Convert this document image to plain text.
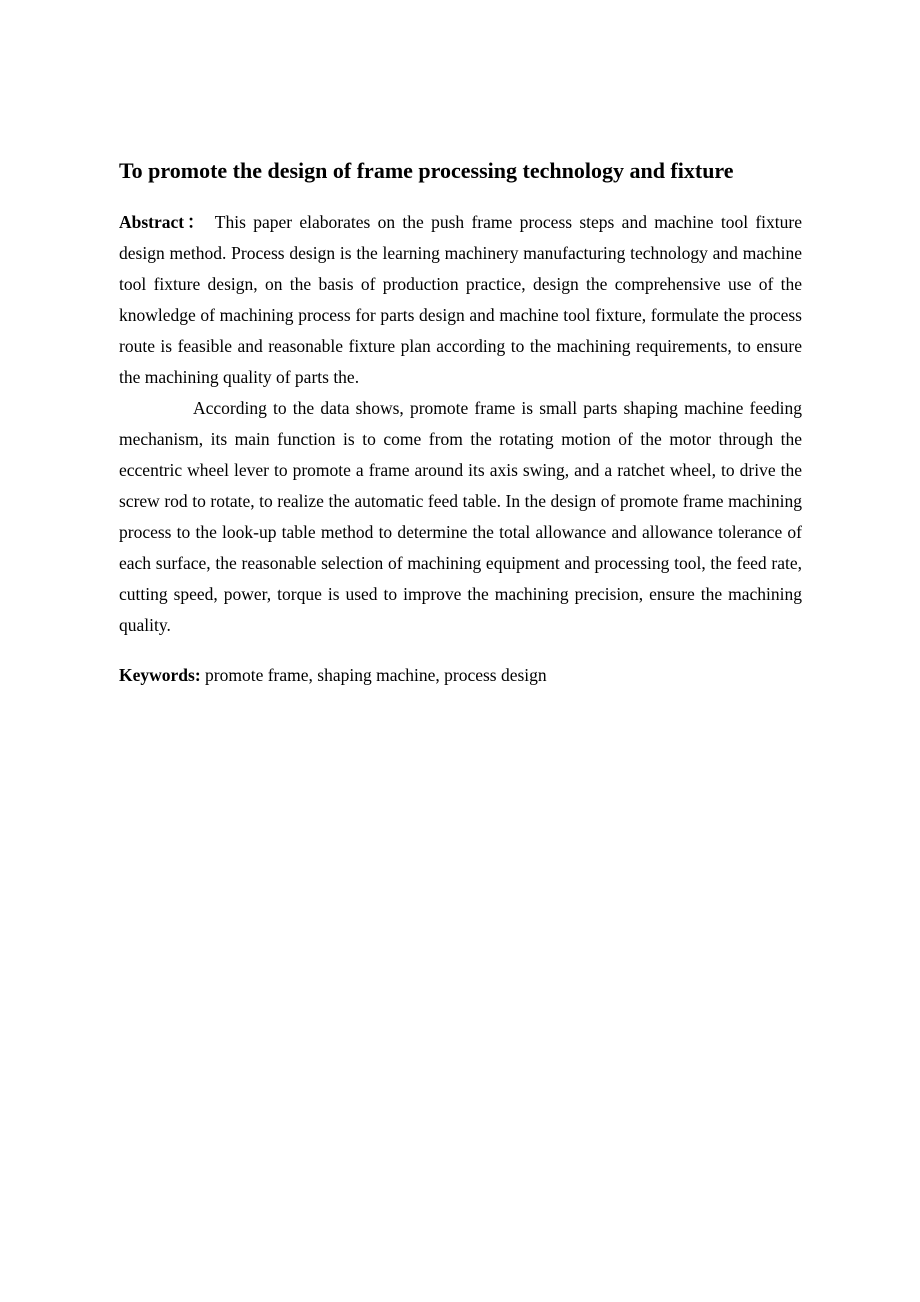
To promote the design of frame processing technology and fixture

Abstract： This paper elaborates on the push frame process steps and machine tool fixture design method. Process design is the learning machinery manufacturing technology and machine tool fixture design, on the basis of production practice, design the comprehensive use of the knowledge of machining process for parts design and machine tool fixture, formulate the process route is feasible and reasonable fixture plan according to the machining requirements, to ensure the machining quality of parts the.

According to the data shows, promote frame is small parts shaping machine feeding mechanism, its main function is to come from the rotating motion of the motor through the eccentric wheel lever to promote a frame around its axis swing, and a ratchet wheel, to drive the screw rod to rotate, to realize the automatic feed table. In the design of promote frame machining process to the look-up table method to determine the total allowance and allowance tolerance of each surface, the reasonable selection of machining equipment and processing tool, the feed rate, cutting speed, power, torque is used to improve the machining precision, ensure the machining quality.

Keywords: promote frame, shaping machine, process design
